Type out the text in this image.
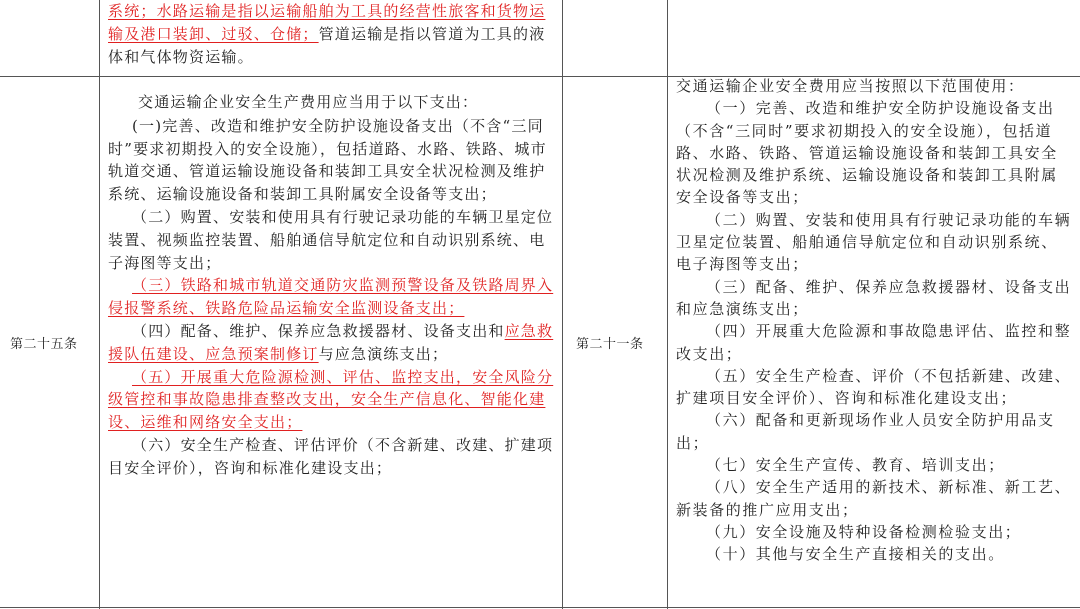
系统；水路运输是指以运输船舶为工具的经营性旅客和货物运输及港口装卸、过驳、仓储；管道运输是指以管道为工具的液体和气体物资运输。

第二十五条

交通运输企业安全生产费用应当用于以下支出：

(一)完善、改造和维护安全防护设施设备支出（不含“三同时”要求初期投入的安全设施），包括道路、水路、铁路、城市轨道交通、管道运输设施设备和装卸工具安全状况检测及维护系统、运输设施设备和装卸工具附属安全设备等支出；

（二）购置、安装和使用具有行驶记录功能的车辆卫星定位装置、视频监控装置、船舶通信导航定位和自动识别系统、电子海图等支出；

（三）铁路和城市轨道交通防灾监测预警设备及铁路周界入侵报警系统、铁路危险品运输安全监测设备支出；

（四）配备、维护、保养应急救援器材、设备支出和应急救援队伍建设、应急预案制修订与应急演练支出；

（五）开展重大危险源检测、评估、监控支出，安全风险分级管控和事故隐患排查整改支出，安全生产信息化、智能化建设、运维和网络安全支出；

（六）安全生产检查、评估评价（不含新建、改建、扩建项目安全评价），咨询和标准化建设支出；

第二十一条

交通运输企业安全费用应当按照以下范围使用：

（一）完善、改造和维护安全防护设施设备支出（不含“三同时”要求初期投入的安全设施），包括道路、水路、铁路、管道运输设施设备和装卸工具安全状况检测及维护系统、运输设施设备和装卸工具附属安全设备等支出；

（二）购置、安装和使用具有行驶记录功能的车辆卫星定位装置、船舶通信导航定位和自动识别系统、电子海图等支出；

（三）配备、维护、保养应急救援器材、设备支出和应急演练支出；

（四）开展重大危险源和事故隐患评估、监控和整改支出；

（五）安全生产检查、评价（不包括新建、改建、扩建项目安全评价）、咨询和标准化建设支出；

（六）配备和更新现场作业人员安全防护用品支出；

（七）安全生产宣传、教育、培训支出；

（八）安全生产适用的新技术、新标准、新工艺、新装备的推广应用支出；

（九）安全设施及特种设备检测检验支出；

（十）其他与安全生产直接相关的支出。
